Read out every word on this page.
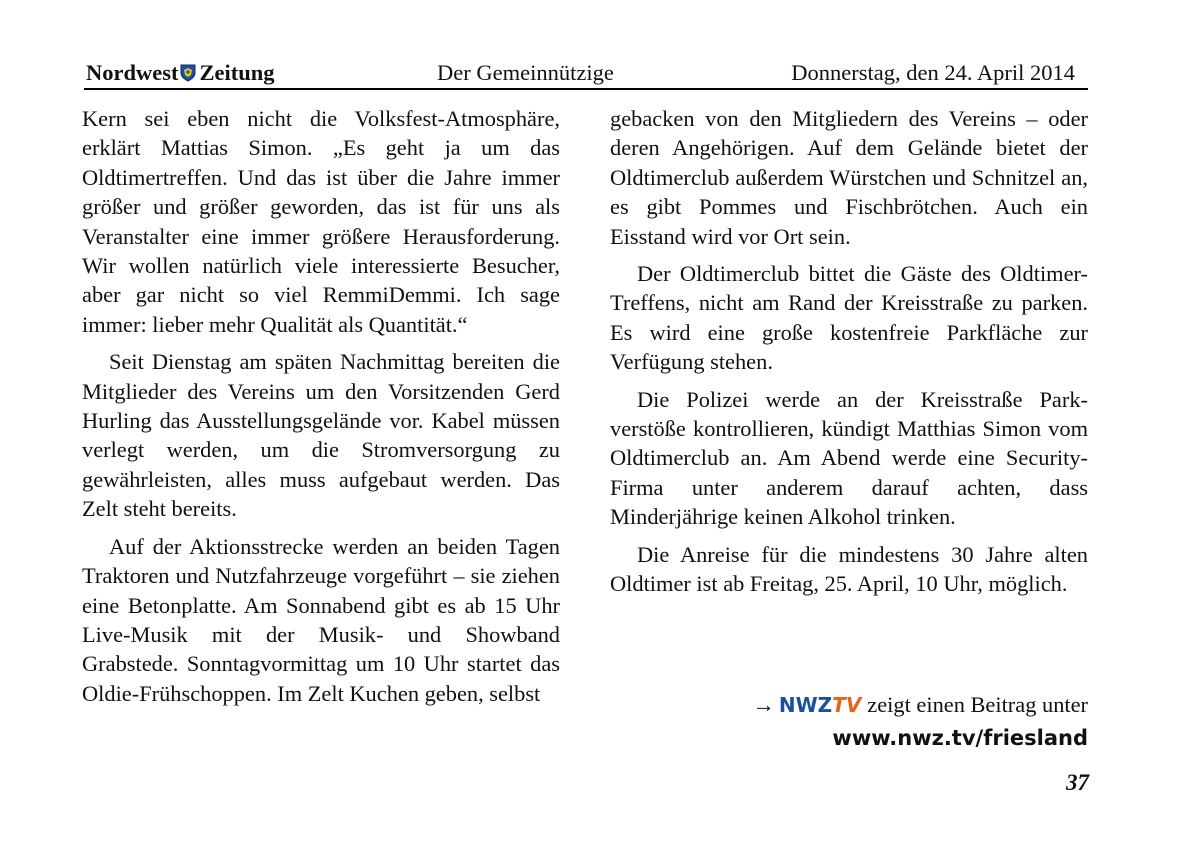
Nordwest Zeitung	Der Gemeinnützige	Donnerstag, den 24. April 2014

Kern sei eben nicht die Volksfest-Atmosphäre, erklärt Mattias Simon. „Es geht ja um das Oldtimertreffen. Und das ist über die Jahre immer größer und größer geworden, das ist für uns als Veranstalter eine immer größere Herausforderung. Wir wollen natürlich viele interessierte Besucher, aber gar nicht so viel RemmiDemmi. Ich sage immer: lieber mehr Qualität als Quantität.“

Seit Dienstag am späten Nachmittag bereiten die Mitglieder des Vereins um den Vorsitzenden Gerd Hurling das Ausstellungsgelände vor. Kabel müssen verlegt werden, um die Stromversorgung zu gewährleisten, alles muss aufgebaut werden. Das Zelt steht bereits.

Auf der Aktionsstrecke werden an beiden Tagen Traktoren und Nutzfahrzeuge vorgeführt – sie ziehen eine Betonplatte. Am Sonnabend gibt es ab 15 Uhr Live-Musik mit der Musik- und Showband Grabstede. Sonntagvormittag um 10 Uhr startet das Oldie-Frühschoppen. Im Zelt Kuchen geben, selbst

gebacken von den Mitgliedern des Vereins – oder deren Angehörigen. Auf dem Gelände bietet der Oldtimerclub außerdem Würstchen und Schnitzel an, es gibt Pommes und Fischbrötchen. Auch ein Eisstand wird vor Ort sein.

Der Oldtimerclub bittet die Gäste des Oldtimer-Treffens, nicht am Rand der Kreisstraße zu parken. Es wird eine große kostenfreie Parkfläche zur Verfügung stehen.

Die Polizei werde an der Kreisstraße Parkverstöße kontrollieren, kündigt Matthias Simon vom Oldtimerclub an. Am Abend werde eine Security-Firma unter anderem darauf achten, dass Minderjährige keinen Alkohol trinken.

Die Anreise für die mindestens 30 Jahre alten Oldtimer ist ab Freitag, 25. April, 10 Uhr, möglich.

→ NWZTV zeigt einen Beitrag unter
www.nwz.tv/friesland
37
